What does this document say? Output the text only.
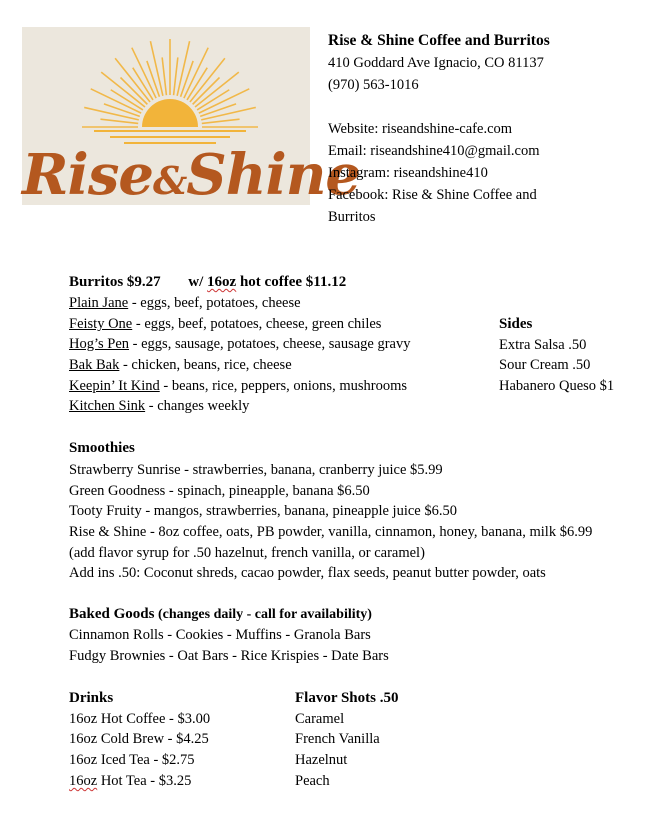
Rise&Shine
Rise & Shine Coffee and Burritos
410 Goddard Ave Ignacio, CO 81137
(970) 563-1016
Website: riseandshine-cafe.com
Email: riseandshine410@gmail.com
Instagram: riseandshine410
Facebook: Rise & Shine Coffee and
Burritos
Burritos $9.27 w/ 16oz hot coffee $11.12
Plain Jane - eggs, beef, potatoes, cheese
Feisty One - eggs, beef, potatoes, cheese, green chiles
Hog’s Pen - eggs, sausage, potatoes, cheese, sausage gravy
Bak Bak - chicken, beans, rice, cheese
Keepin’ It Kind - beans, rice, peppers, onions, mushrooms
Kitchen Sink - changes weekly
Sides
Extra Salsa .50
Sour Cream .50
Habanero Queso $1
Smoothies
Strawberry Sunrise - strawberries, banana, cranberry juice $5.99
Green Goodness - spinach, pineapple, banana $6.50
Tooty Fruity - mangos, strawberries, banana, pineapple juice $6.50
Rise & Shine - 8oz coffee, oats, PB powder, vanilla, cinnamon, honey, banana, milk $6.99
(add flavor syrup for .50 hazelnut, french vanilla, or caramel)
Add ins .50: Coconut shreds, cacao powder, flax seeds, peanut butter powder, oats
Baked Goods (changes daily - call for availability)
Cinnamon Rolls - Cookies - Muffins - Granola Bars
Fudgy Brownies - Oat Bars - Rice Krispies - Date Bars
Drinks
16oz Hot Coffee - $3.00
16oz Cold Brew - $4.25
16oz Iced Tea - $2.75
16oz Hot Tea - $3.25
Flavor Shots .50
Caramel
French Vanilla
Hazelnut
Peach
